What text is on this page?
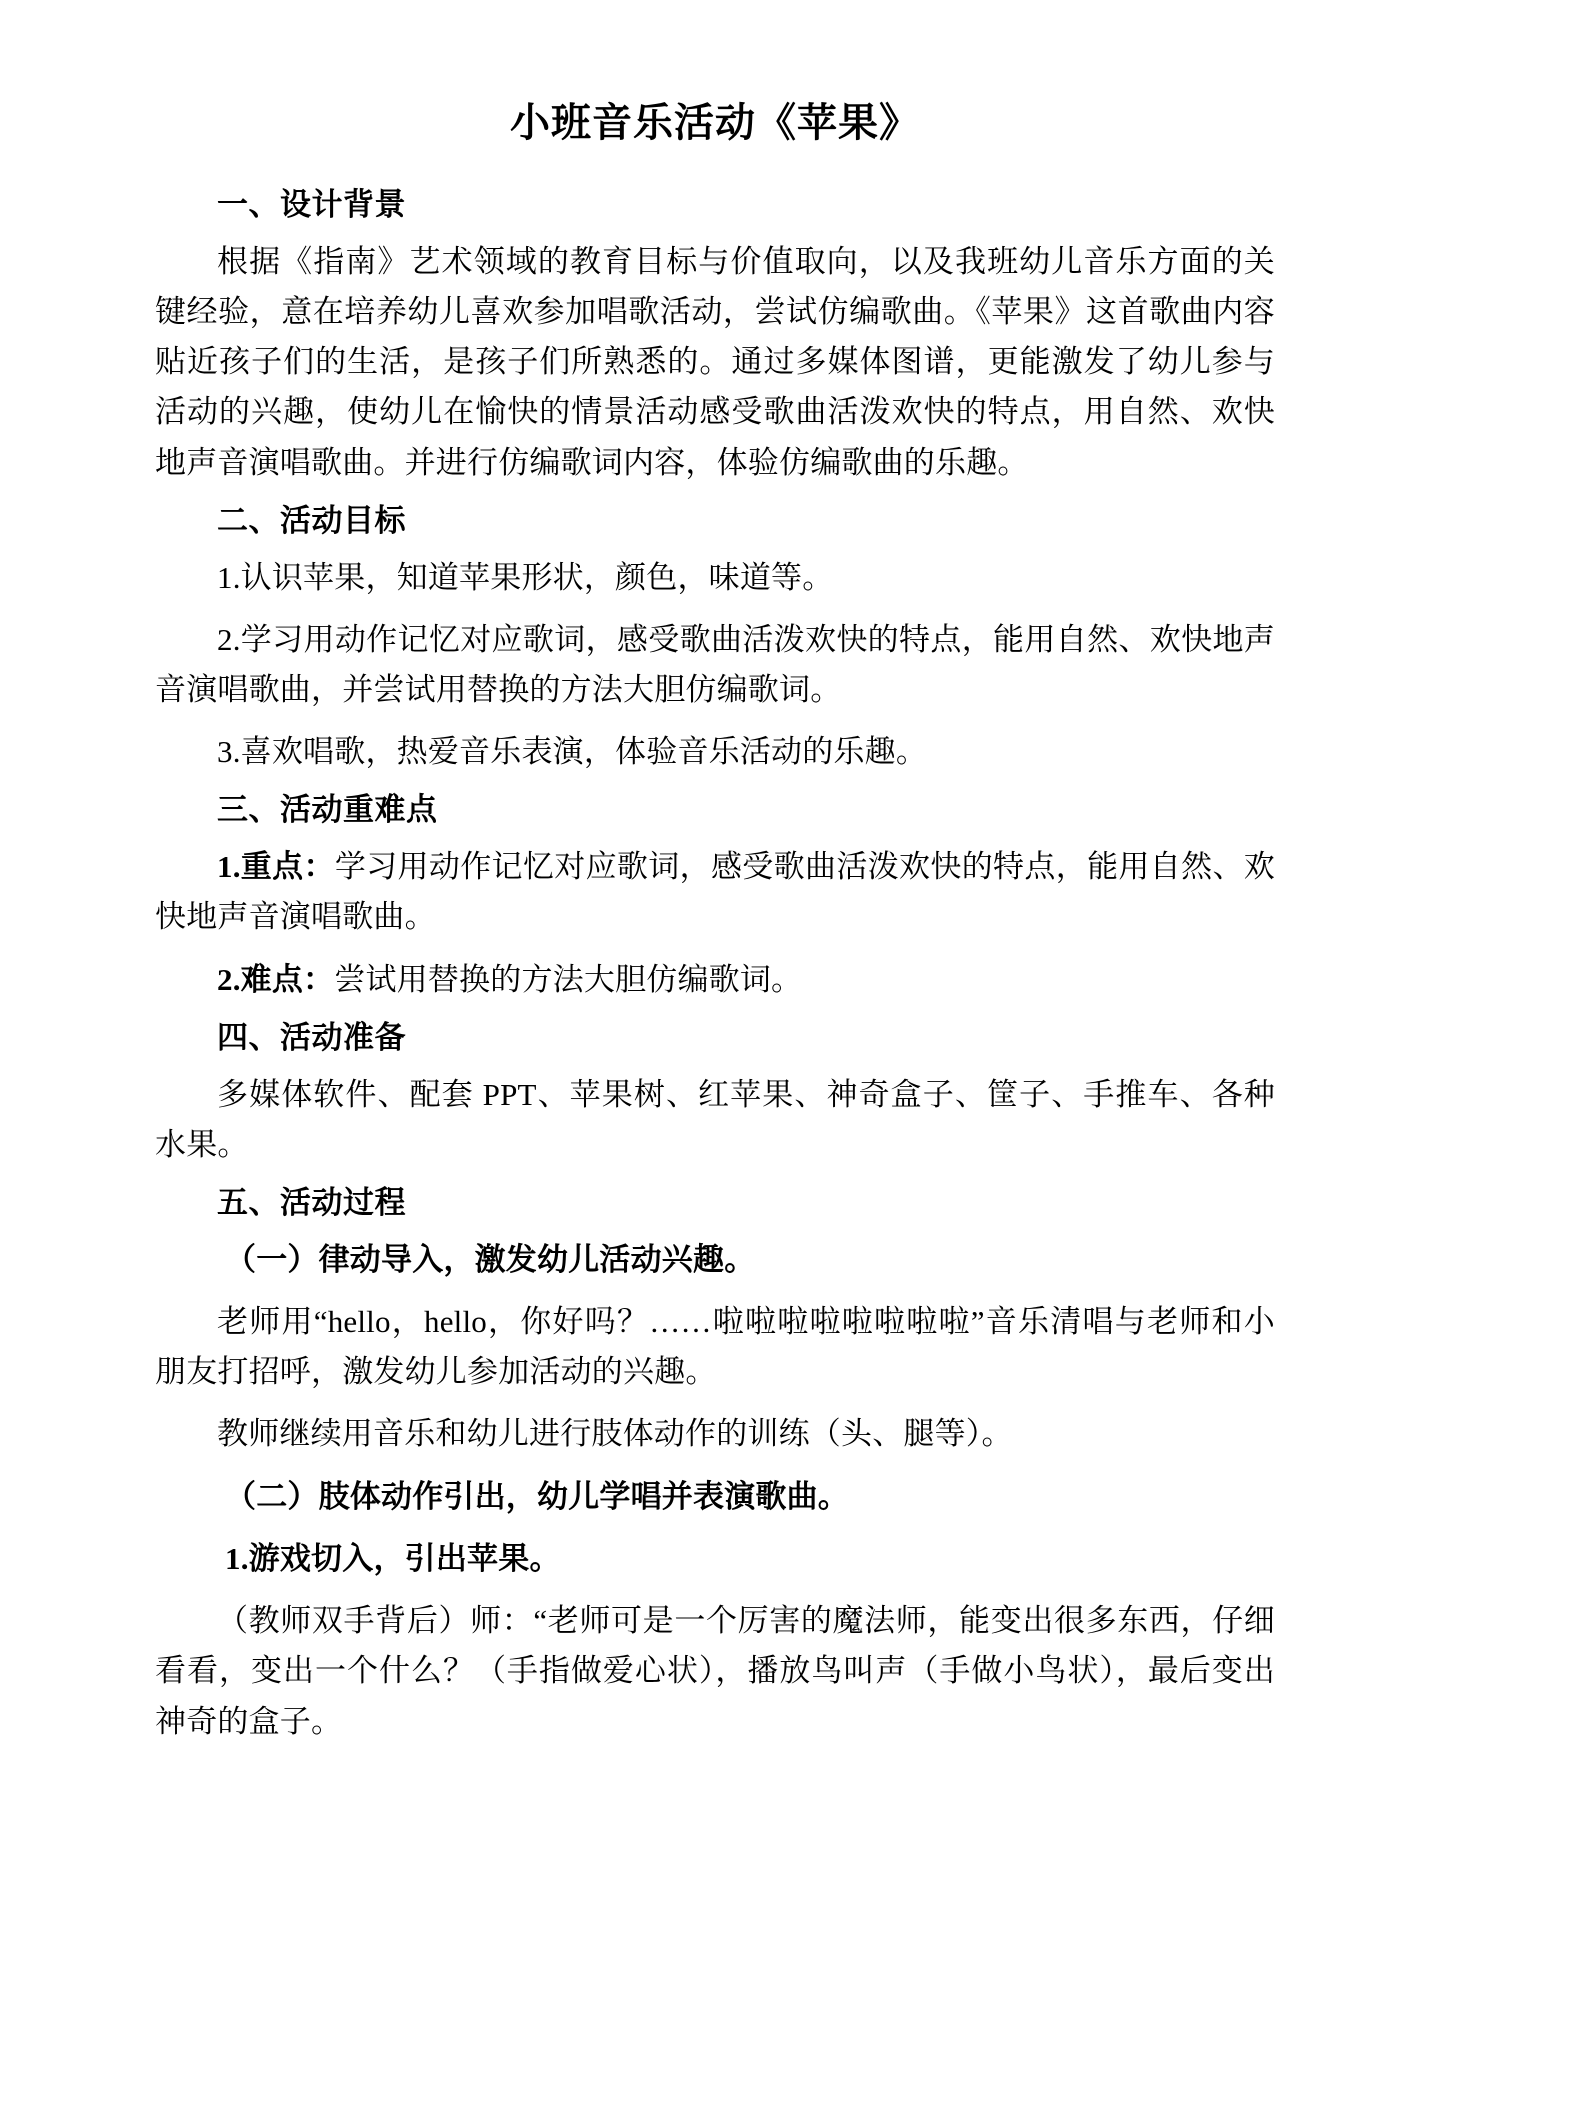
小班音乐活动《苹果》
一、设计背景

根据《指南》艺术领域的教育目标与价值取向，以及我班幼儿音乐方面的关键经验，意在培养幼儿喜欢参加唱歌活动，尝试仿编歌曲。《苹果》这首歌曲内容贴近孩子们的生活，是孩子们所熟悉的。通过多媒体图谱，更能激发了幼儿参与活动的兴趣，使幼儿在愉快的情景活动感受歌曲活泼欢快的特点，用自然、欢快地声音演唱歌曲。并进行仿编歌词内容，体验仿编歌曲的乐趣。

二、活动目标

1.认识苹果，知道苹果形状，颜色，味道等。

2.学习用动作记忆对应歌词，感受歌曲活泼欢快的特点，能用自然、欢快地声音演唱歌曲，并尝试用替换的方法大胆仿编歌词。

3.喜欢唱歌，热爱音乐表演，体验音乐活动的乐趣。

三、活动重难点

1.重点：学习用动作记忆对应歌词，感受歌曲活泼欢快的特点，能用自然、欢快地声音演唱歌曲。

2.难点：尝试用替换的方法大胆仿编歌词。

四、活动准备

多媒体软件、配套 PPT、苹果树、红苹果、神奇盒子、筐子、手推车、各种水果。

五、活动过程

（一）律动导入，激发幼儿活动兴趣。

老师用“hello，hello，你好吗？……啦啦啦啦啦啦啦啦”音乐清唱与老师和小朋友打招呼，激发幼儿参加活动的兴趣。

教师继续用音乐和幼儿进行肢体动作的训练（头、腿等）。

（二）肢体动作引出，幼儿学唱并表演歌曲。

1.游戏切入，引出苹果。

（教师双手背后）师：“老师可是一个厉害的魔法师，能变出很多东西，仔细看看，变出一个什么？（手指做爱心状），播放鸟叫声（手做小鸟状），最后变出神奇的盒子。
